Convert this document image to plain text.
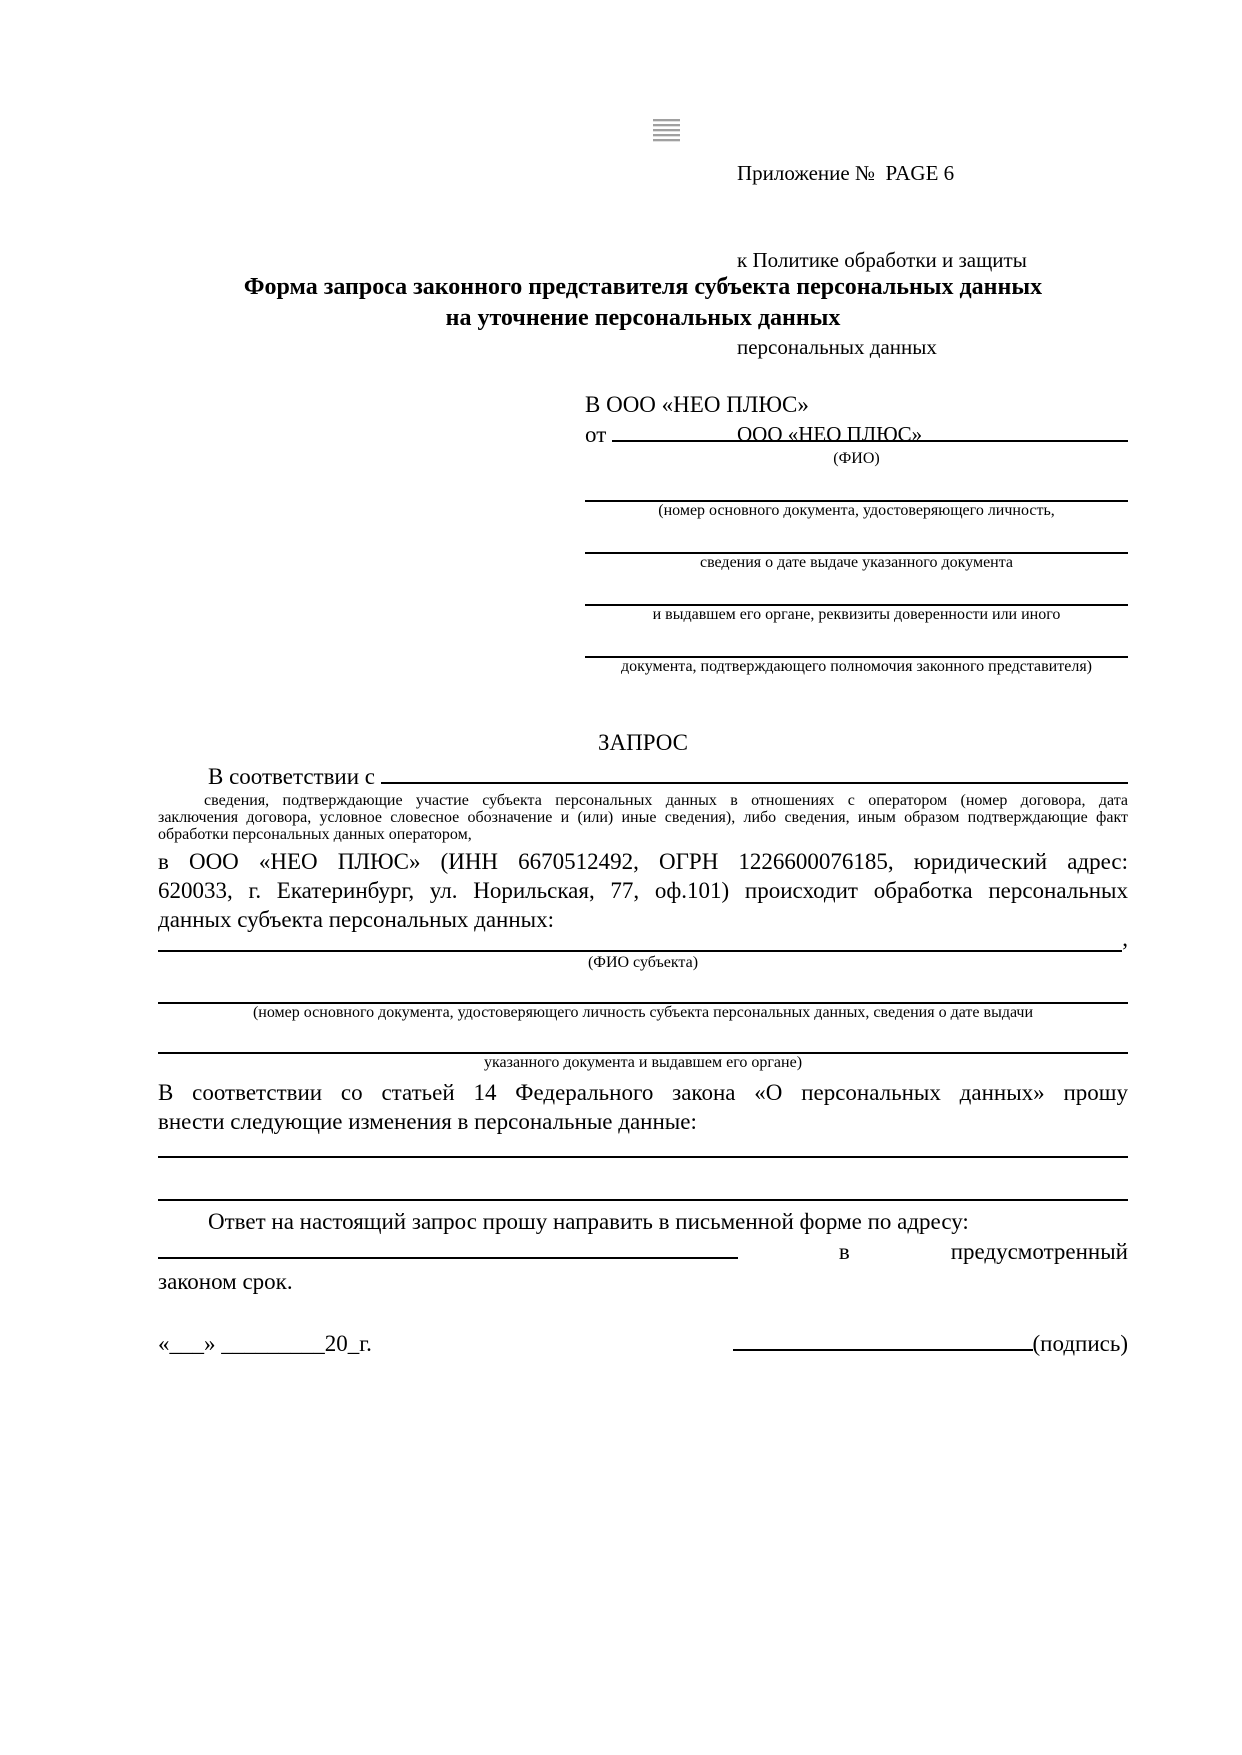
Приложение №  PAGE 6

к Политике обработки и защиты

персональных данных

ООО «НЕО ПЛЮС»

Форма запроса законного представителя субъекта персональных данных
на уточнение персональных данных
В ООО «НЕО ПЛЮС»
от

(ФИО)
(номер основного документа, удостоверяющего личность,
сведения о дате выдаче указанного документа
и выдавшем его органе, реквизиты доверенности или иного
документа, подтверждающего полномочия законного представителя)
ЗАПРОС
В соответствии с

сведения, подтверждающие участие субъекта персональных данных в отношениях с оператором (номер договора, дата
заключения договора, условное словесное обозначение и (или) иные сведения), либо сведения, иным образом подтверждающие факт
обработки персональных данных оператором,
в ООО «НЕО ПЛЮС» (ИНН 6670512492, ОГРН 1226600076185, юридический адрес:
620033, г. Екатеринбург, ул. Норильская, 77, оф.101) происходит обработка персональных
данных субъекта персональных данных:
,
(ФИО субъекта)
(номер основного документа, удостоверяющего личность субъекта персональных данных, сведения о дате выдачи
указанного документа и выдавшем его органе)
В соответствии со статьей 14 Федерального закона «О персональных данных» прошу
внести следующие изменения в персональные данные:
Ответ на настоящий запрос прошу направить в письменной форме по адресу:
в	предусмотренный
законом срок.
«___» _________20_г.	(подпись)
